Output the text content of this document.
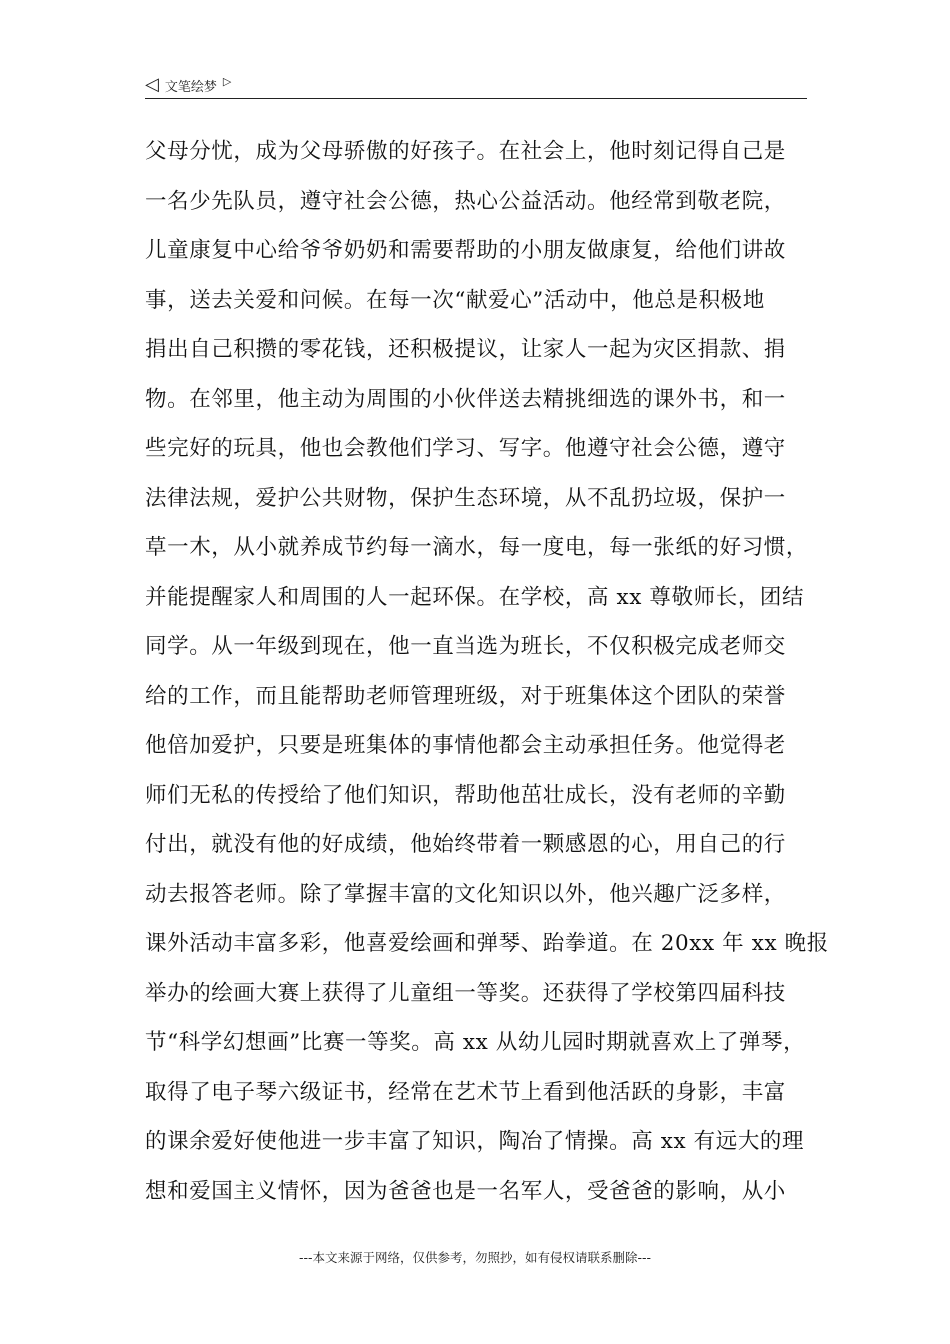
◁ 文笔绘梦 ▷
父母分忧，成为父母骄傲的好孩子。在社会上，他时刻记得自己是
一名少先队员，遵守社会公德，热心公益活动。他经常到敬老院，
儿童康复中心给爷爷奶奶和需要帮助的小朋友做康复，给他们讲故
事，送去关爱和问候。在每一次“献爱心”活动中，他总是积极地
捐出自己积攒的零花钱，还积极提议，让家人一起为灾区捐款、捐
物。在邻里，他主动为周围的小伙伴送去精挑细选的课外书，和一
些完好的玩具，他也会教他们学习、写字。他遵守社会公德，遵守
法律法规，爱护公共财物，保护生态环境，从不乱扔垃圾，保护一
草一木，从小就养成节约每一滴水，每一度电，每一张纸的好习惯，
并能提醒家人和周围的人一起环保。在学校，高 xx 尊敬师长，团结
同学。从一年级到现在，他一直当选为班长，不仅积极完成老师交
给的工作，而且能帮助老师管理班级，对于班集体这个团队的荣誉
他倍加爱护，只要是班集体的事情他都会主动承担任务。他觉得老
师们无私的传授给了他们知识，帮助他茁壮成长，没有老师的辛勤
付出，就没有他的好成绩，他始终带着一颗感恩的心，用自己的行
动去报答老师。除了掌握丰富的文化知识以外，他兴趣广泛多样，
课外活动丰富多彩，他喜爱绘画和弹琴、跆拳道。在 20xx 年 xx 晚报
举办的绘画大赛上获得了儿童组一等奖。还获得了学校第四届科技
节“科学幻想画”比赛一等奖。高 xx 从幼儿园时期就喜欢上了弹琴，
取得了电子琴六级证书，经常在艺术节上看到他活跃的身影，丰富
的课余爱好使他进一步丰富了知识，陶冶了情操。高 xx 有远大的理
想和爱国主义情怀，因为爸爸也是一名军人，受爸爸的影响，从小
---本文来源于网络，仅供参考，勿照抄，如有侵权请联系删除---
